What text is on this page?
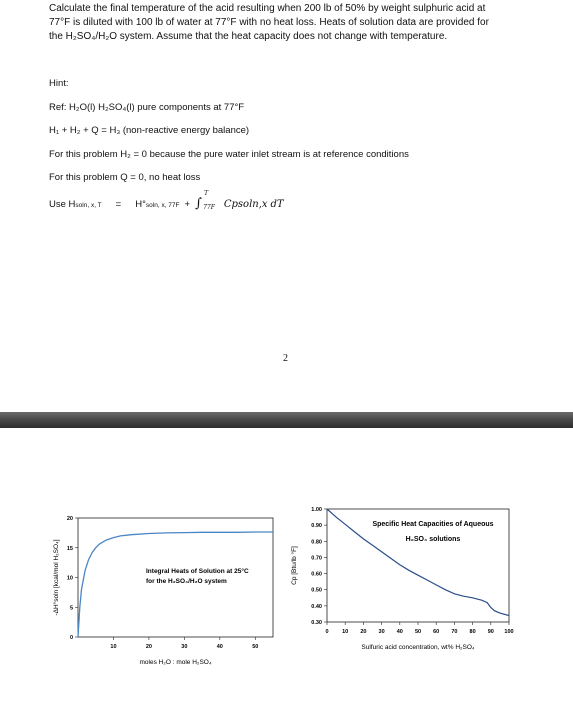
Calculate the final temperature of the acid resulting when 200 lb of 50% by weight sulphuric acid at
77°F is diluted with 100 lb of water at 77°F with no heat loss. Heats of solution data are provided for
the H₂SO₄/H₂O system. Assume that the heat capacity does not change with temperature.
Hint:
Ref: H₂O(l) H₂SO₄(l) pure components at 77°F
H₁ + H₂ + Q = H₃ (non-reactive energy balance)
For this problem H₂ = 0 because the pure water inlet stream is at reference conditions
For this problem Q = 0, no heat loss
Use H soln, x, T = H° soln, x, 77F + ∫
T
77F Cpsoln,x dT
2
10	20	30	40	50
0
5
10
15
20
Integral Heats of Solution at 25°C
for the H₂SO₄/H₂O system
moles H₂O : mole H₂SO₄
-ΔH°soln [kcal/mol H₂SO₄]
0 10 20 30 40 50 60 70 80 90 100
0.30
0.40
0.50
0.60
0.70
0.80
0.90
1.00
Specific Heat Capacities of Aqueous
H₂SO₄ solutions
Sulfuric acid concentration, wt% H₂SO₄
Cp [Btu/lb °F]
